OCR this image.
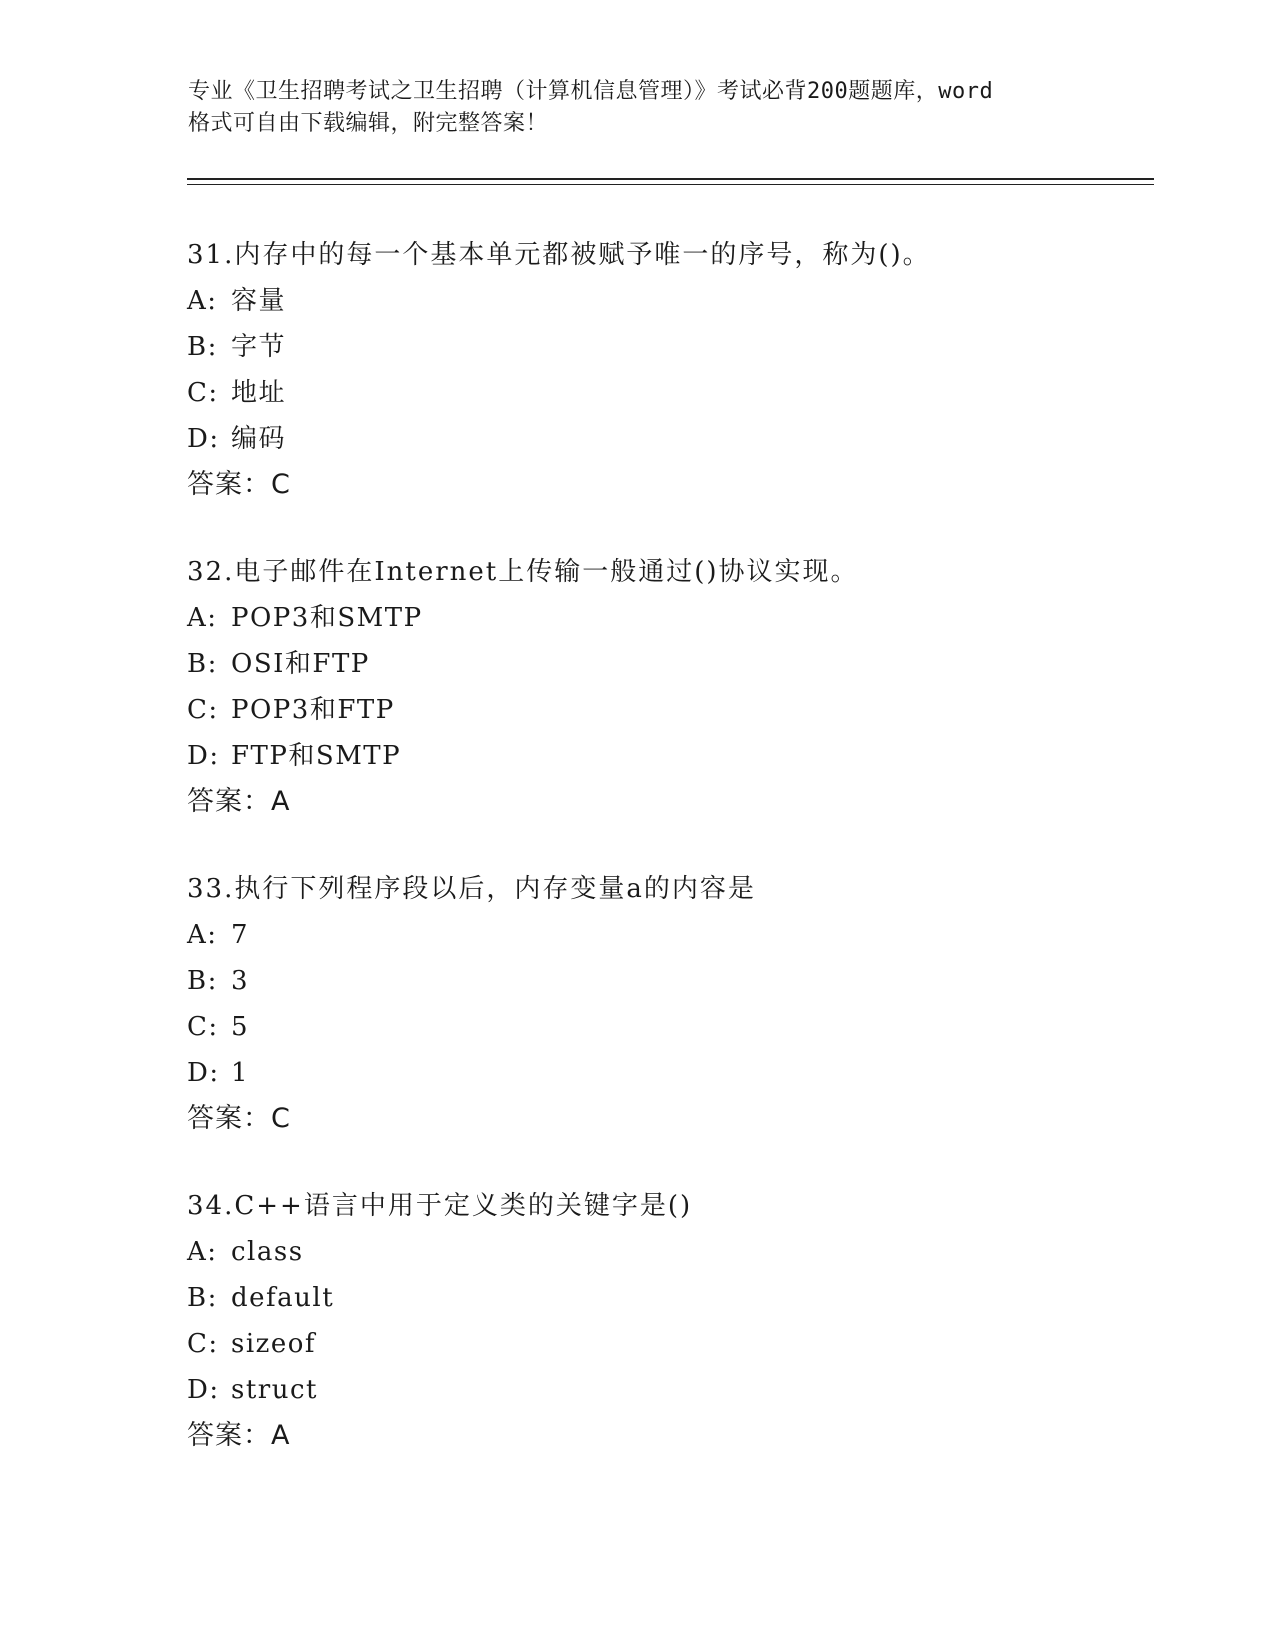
专业《卫生招聘考试之卫生招聘（计算机信息管理）》考试必背200题题库，word
格式可自由下载编辑，附完整答案！
31.内存中的每一个基本单元都被赋予唯一的序号，称为()。
A: 容量
B: 字节
C: 地址
D: 编码
答案：C
32.电子邮件在Internet上传输一般通过()协议实现。
A: POP3和SMTP
B: OSI和FTP
C: POP3和FTP
D: FTP和SMTP
答案：A
33.执行下列程序段以后，内存变量a的内容是
A: 7
B: 3
C: 5
D: 1
答案：C
34.C++语言中用于定义类的关键字是()
A: class
B: default
C: sizeof
D: struct
答案：A
